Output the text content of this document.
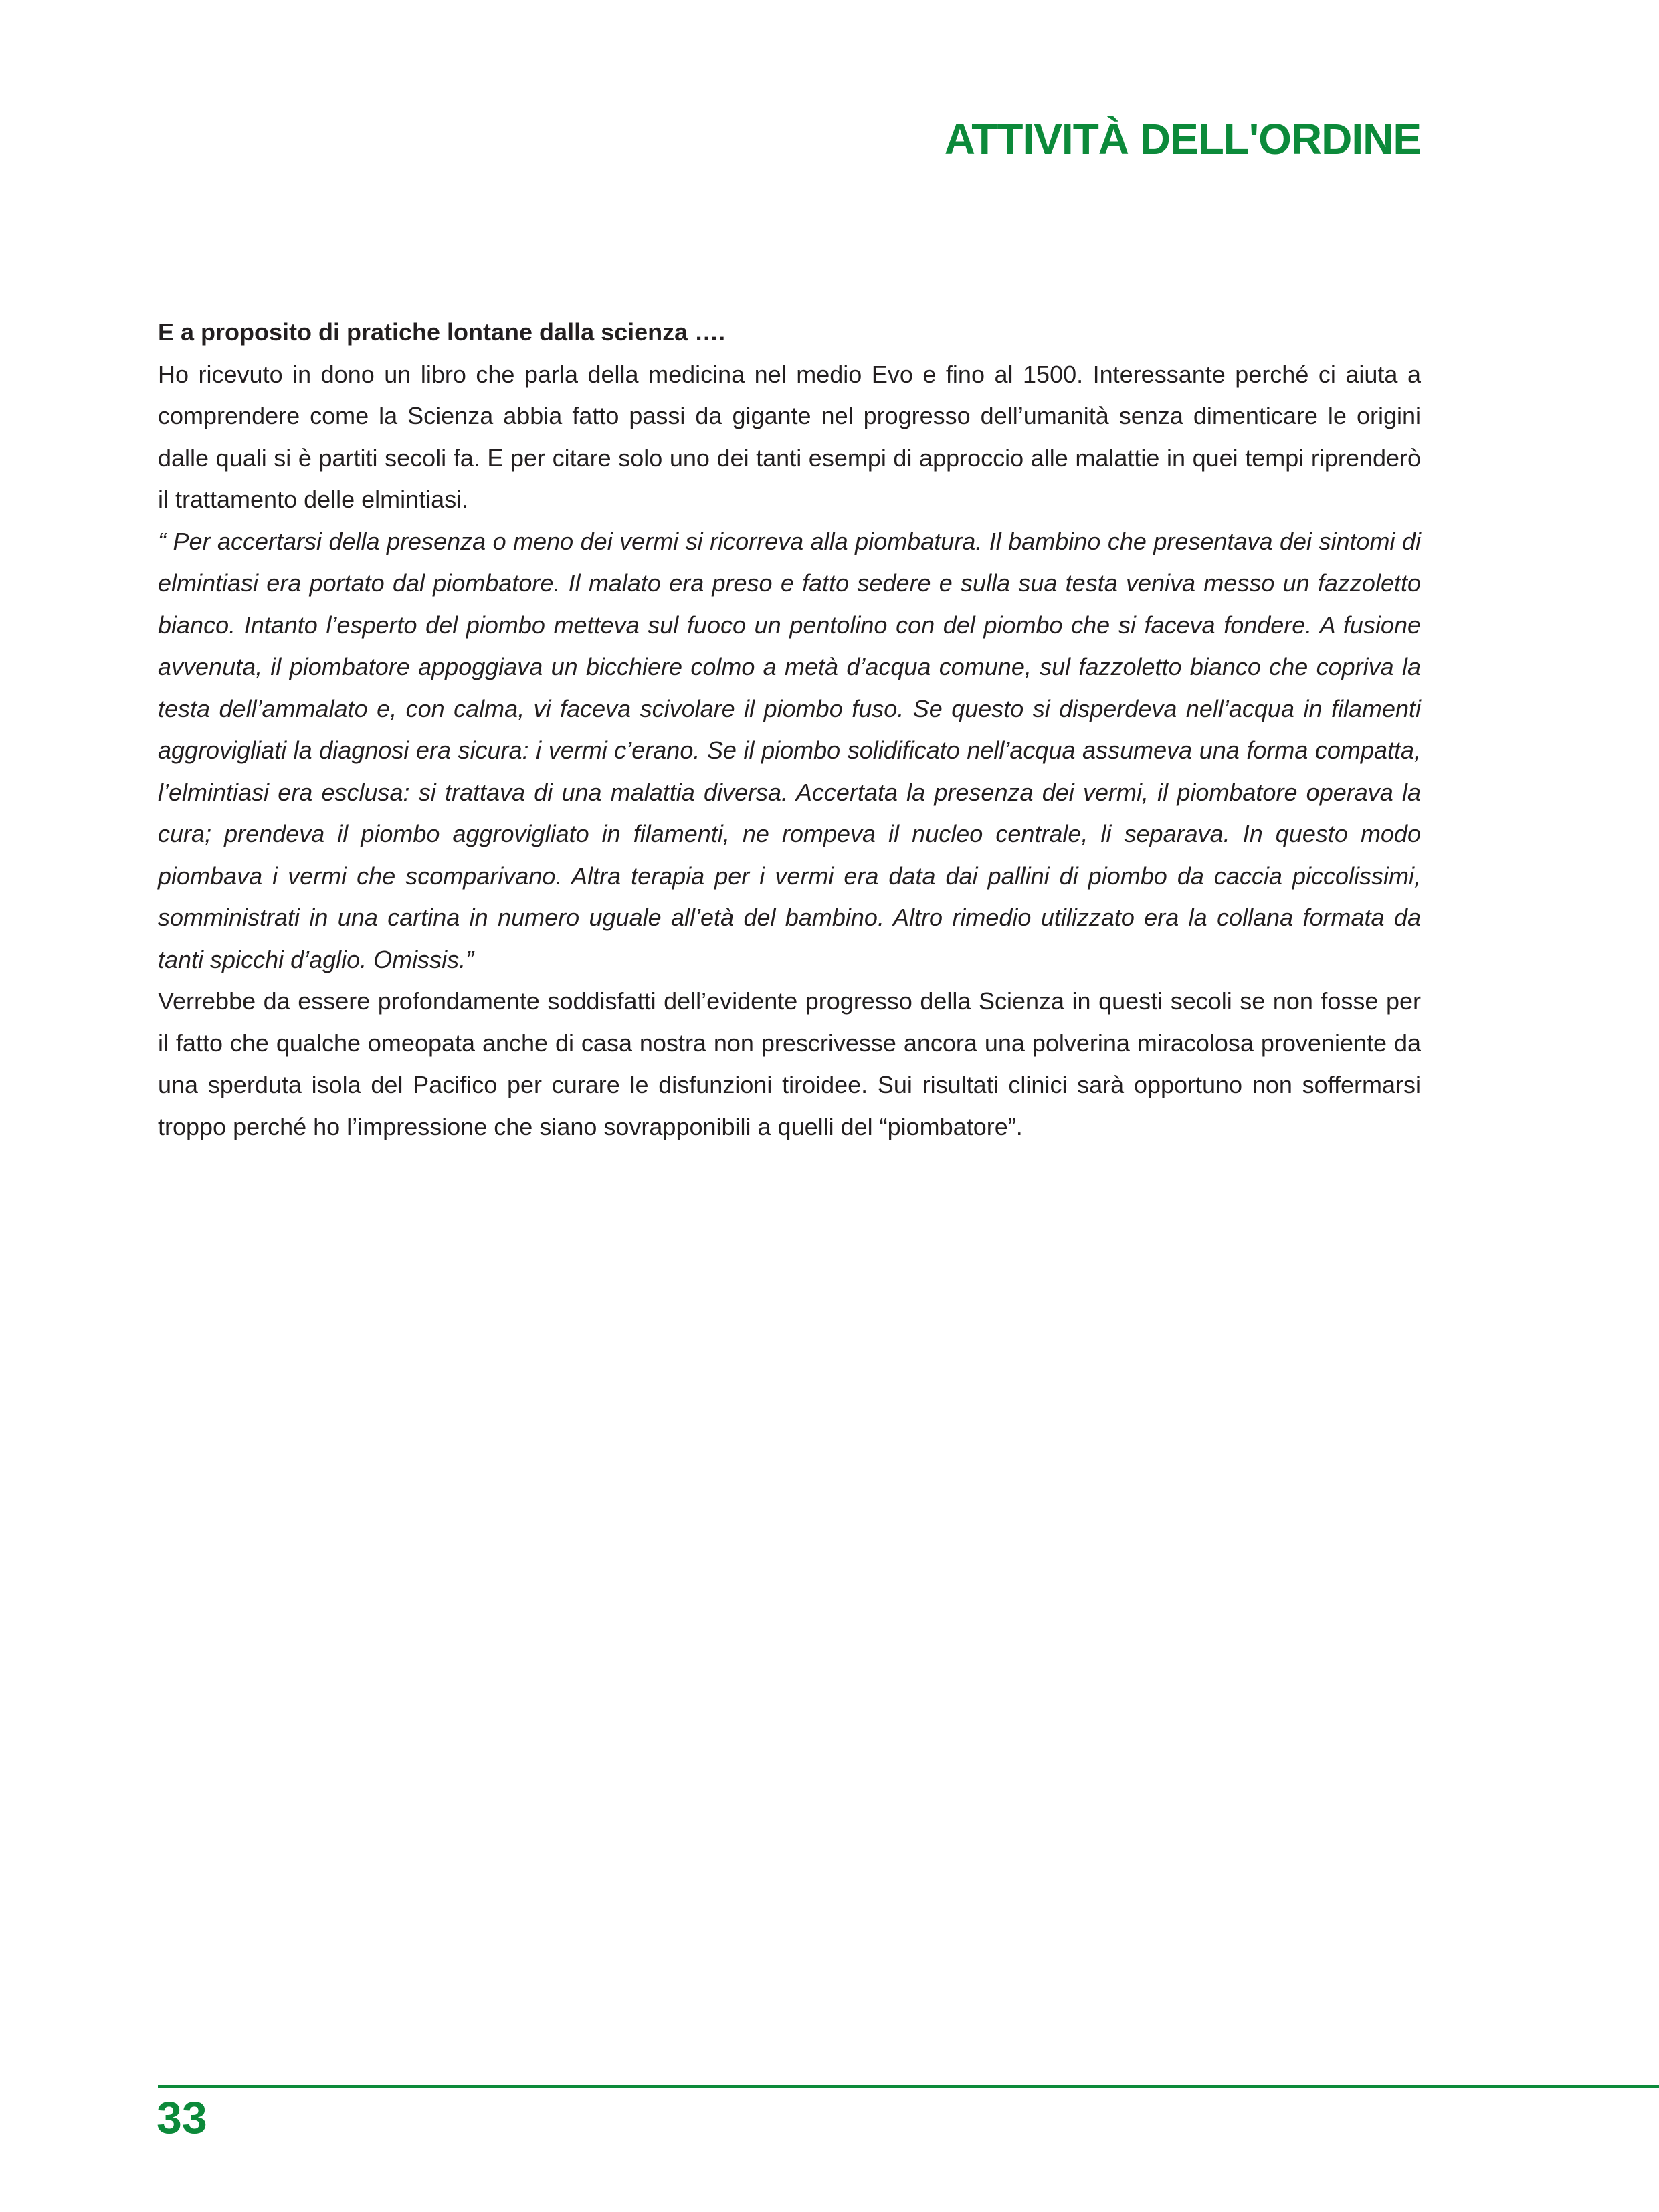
ATTIVITÀ DELL'ORDINE

E a proposito di pratiche lontane dalla scienza ….

Ho ricevuto in dono un libro che parla della medicina nel medio Evo e fino al 1500. Interessante perché ci aiuta a comprendere come la Scienza abbia fatto passi da gigante nel progresso dell’umanità senza dimenticare le origini dalle quali si è partiti secoli fa. E per citare solo uno dei tanti esempi di approccio alle malattie in quei tempi riprenderò il trattamento delle elmintiasi.

“ Per accertarsi della presenza o meno dei vermi si ricorreva alla piombatura. Il bambino che presentava dei sintomi di elmintiasi era portato dal piombatore. Il malato era preso e fatto sedere e sulla sua testa veniva messo un fazzoletto bianco. Intanto l’esperto del piombo metteva sul fuoco un pentolino con del piombo che si faceva fondere. A fusione avvenuta, il piombatore appoggiava un bicchiere colmo a metà d’acqua comune, sul fazzoletto bianco che copriva la testa dell’ammalato e, con calma, vi faceva scivolare il piombo fuso. Se questo si disperdeva nell’acqua in filamenti aggrovigliati la diagnosi era sicura: i vermi c’erano. Se il piombo solidificato nell’acqua assumeva una forma compatta, l’elmintiasi era esclusa: si trattava di una malattia diversa. Accertata la presenza dei vermi, il piombatore operava la cura; prendeva il piombo aggrovigliato in filamenti, ne rompeva il nucleo centrale, li separava. In questo modo piombava i vermi che scomparivano. Altra terapia per i vermi era data dai pallini di piombo da caccia piccolissimi, somministrati in una cartina in numero uguale all’età del bambino. Altro rimedio utilizzato era la collana formata da tanti spicchi d’aglio. Omissis.”

Verrebbe da essere profondamente soddisfatti dell’evidente progresso della Scienza in questi secoli se non fosse per il fatto che qualche omeopata anche di casa nostra non prescrivesse ancora una polverina miracolosa proveniente da una sperduta isola del Pacifico per curare le disfunzioni tiroidee. Sui risultati clinici sarà opportuno non soffermarsi troppo perché ho l’impressione che siano sovrapponibili a quelli del “piombatore”.

33
